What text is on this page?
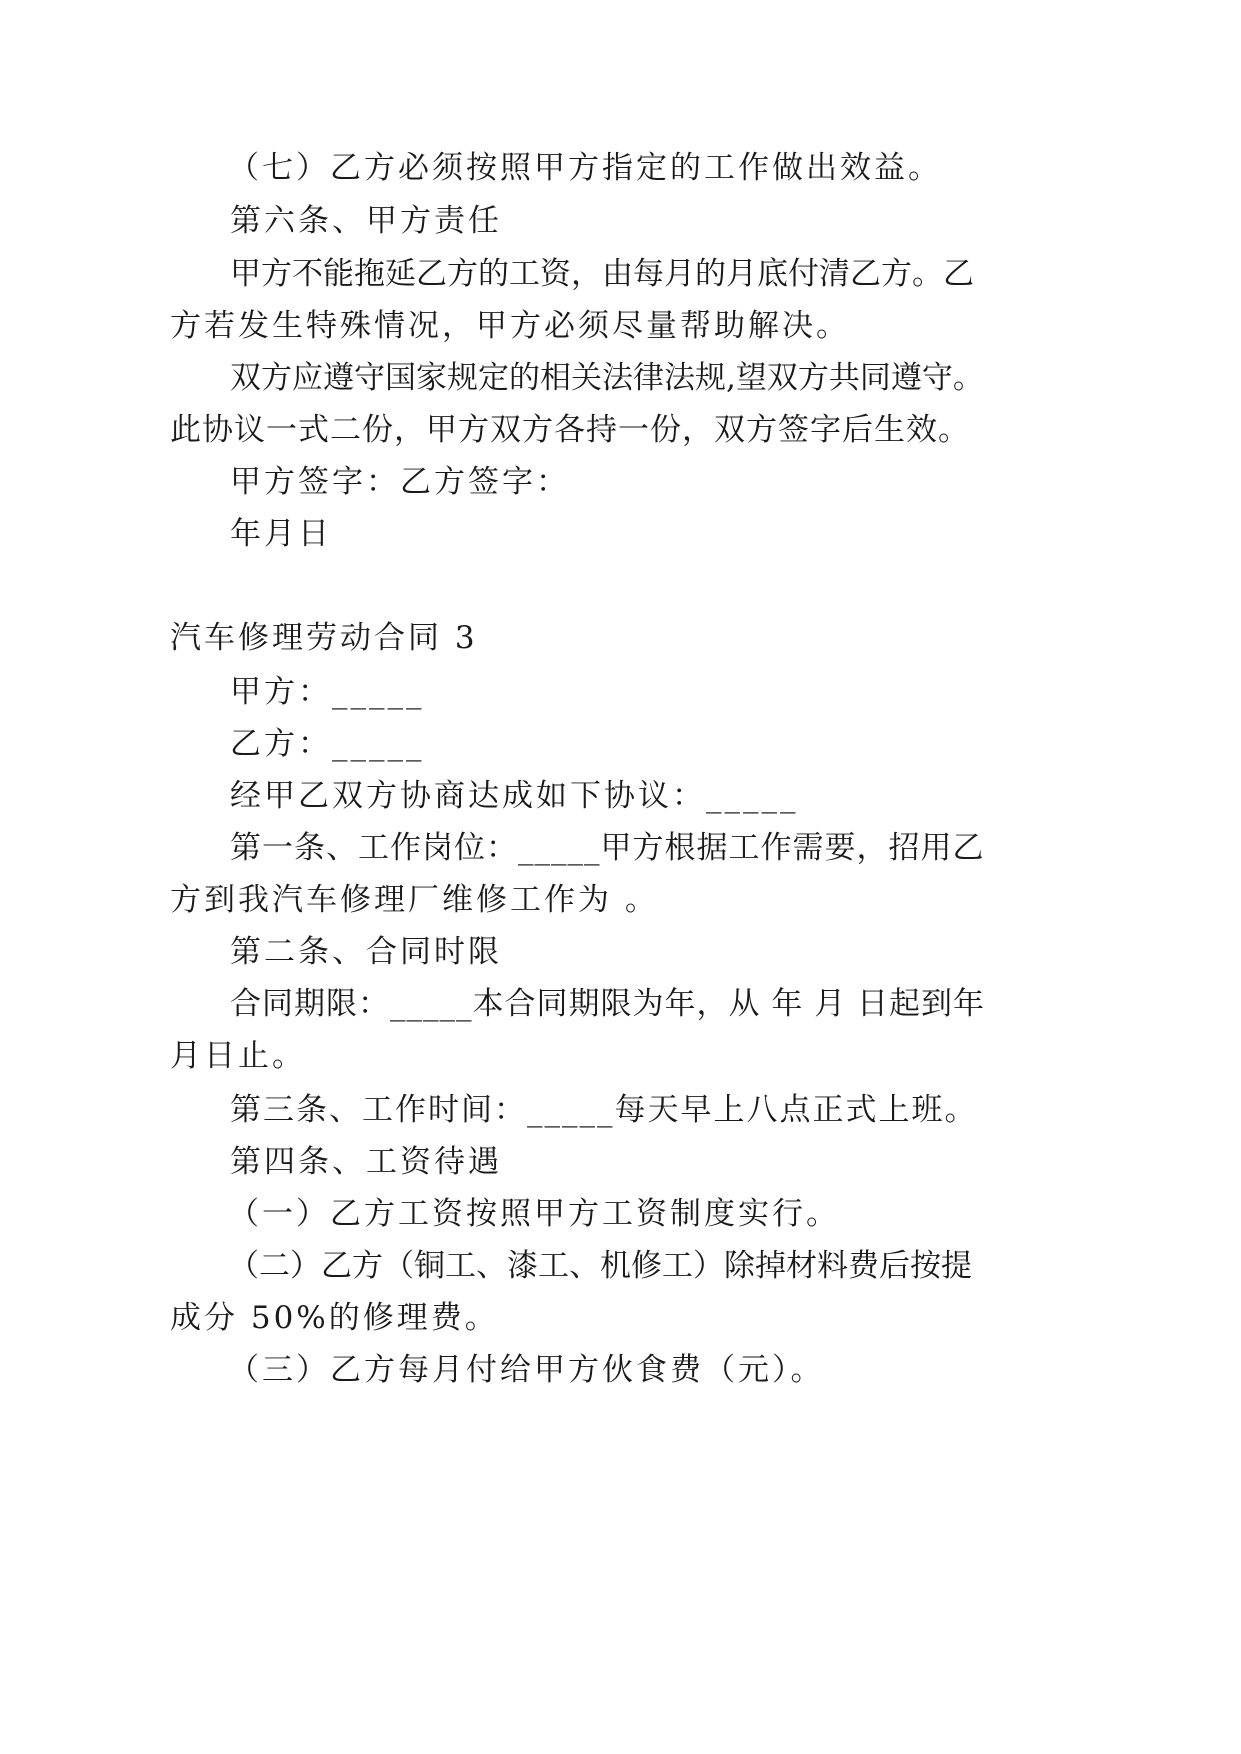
（七）乙方必须按照甲方指定的工作做出效益。
第六条、甲方责任
甲方不能拖延乙方的工资，由每月的月底付清乙方。乙
方若发生特殊情况，甲方必须尽量帮助解决。
双方应遵守国家规定的相关法律法规,望双方共同遵守。
此协议一式二份，甲方双方各持一份，双方签字后生效。
甲方签字：乙方签字：
年月日
汽车修理劳动合同 3
甲方：_____
乙方：_____
经甲乙双方协商达成如下协议：_____
第一条、工作岗位：_____甲方根据工作需要，招用乙
方到我汽车修理厂维修工作为 。
第二条、合同时限
合同期限：_____本合同期限为年，从 年 月 日起到年
月日止。
第三条、工作时间：_____每天早上八点正式上班。
第四条、工资待遇
（一）乙方工资按照甲方工资制度实行。
（二）乙方（铜工、漆工、机修工）除掉材料费后按提
成分 50%的修理费。
（三）乙方每月付给甲方伙食费（元）。
